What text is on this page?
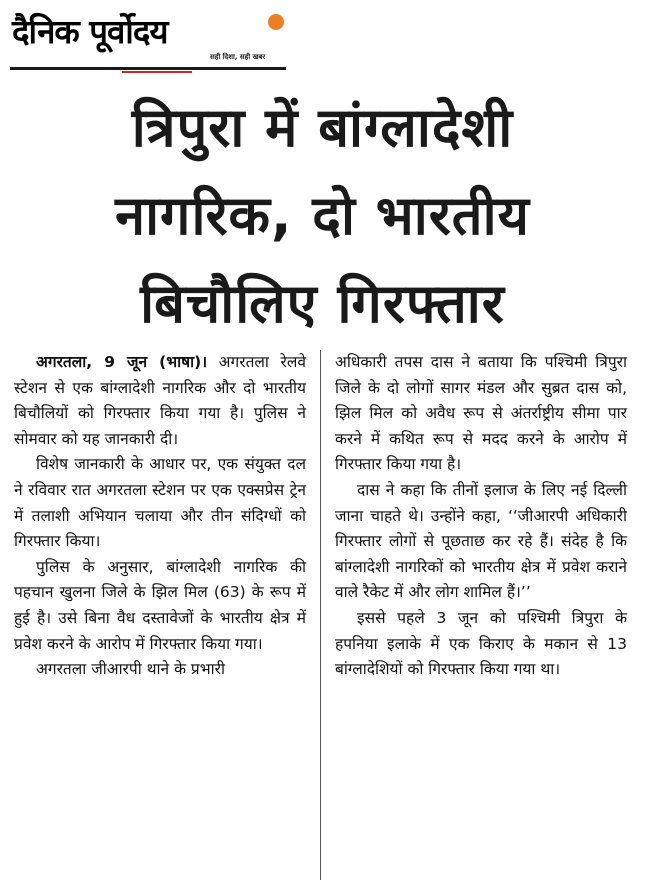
दैनिक पूर्वोदय
सही दिशा, सही खबर
त्रिपुरा में बांग्लादेशी
नागरिक, दो भारतीय
बिचौलिए गिरफ्तार

अगरतला, 9 जून (भाषा)। अगरतला रेलवे स्टेशन से एक बांग्लादेशी नागरिक और दो भारतीय बिचौलियों को गिरफ्तार किया गया है। पुलिस ने सोमवार को यह जानकारी दी।

विशेष जानकारी के आधार पर, एक संयुक्त दल ने रविवार रात अगरतला स्टेशन पर एक एक्सप्रेस ट्रेन में तलाशी अभियान चलाया और तीन संदिग्धों को गिरफ्तार किया।

पुलिस के अनुसार, बांग्लादेशी नागरिक की पहचान खुलना जिले के झिल मिल (63) के रूप में हुई है। उसे बिना वैध दस्तावेजों के भारतीय क्षेत्र में प्रवेश करने के आरोप में गिरफ्तार किया गया।

अगरतला जीआरपी थाने के प्रभारी

अधिकारी तपस दास ने बताया कि पश्चिमी त्रिपुरा जिले के दो लोगों सागर मंडल और सुब्रत दास को, झिल मिल को अवैध रूप से अंतर्राष्ट्रीय सीमा पार करने में कथित रूप से मदद करने के आरोप में गिरफ्तार किया गया है।

दास ने कहा कि तीनों इलाज के लिए नई दिल्ली जाना चाहते थे। उन्होंने कहा, ‘‘जीआरपी अधिकारी गिरफ्तार लोगों से पूछताछ कर रहे हैं। संदेह है कि बांग्लादेशी नागरिकों को भारतीय क्षेत्र में प्रवेश कराने वाले रैकेट में और लोग शामिल हैं।’’

इससे पहले 3 जून को पश्चिमी त्रिपुरा के हपनिया इलाके में एक किराए के मकान से 13 बांग्लादेशियों को गिरफ्तार किया गया था।
